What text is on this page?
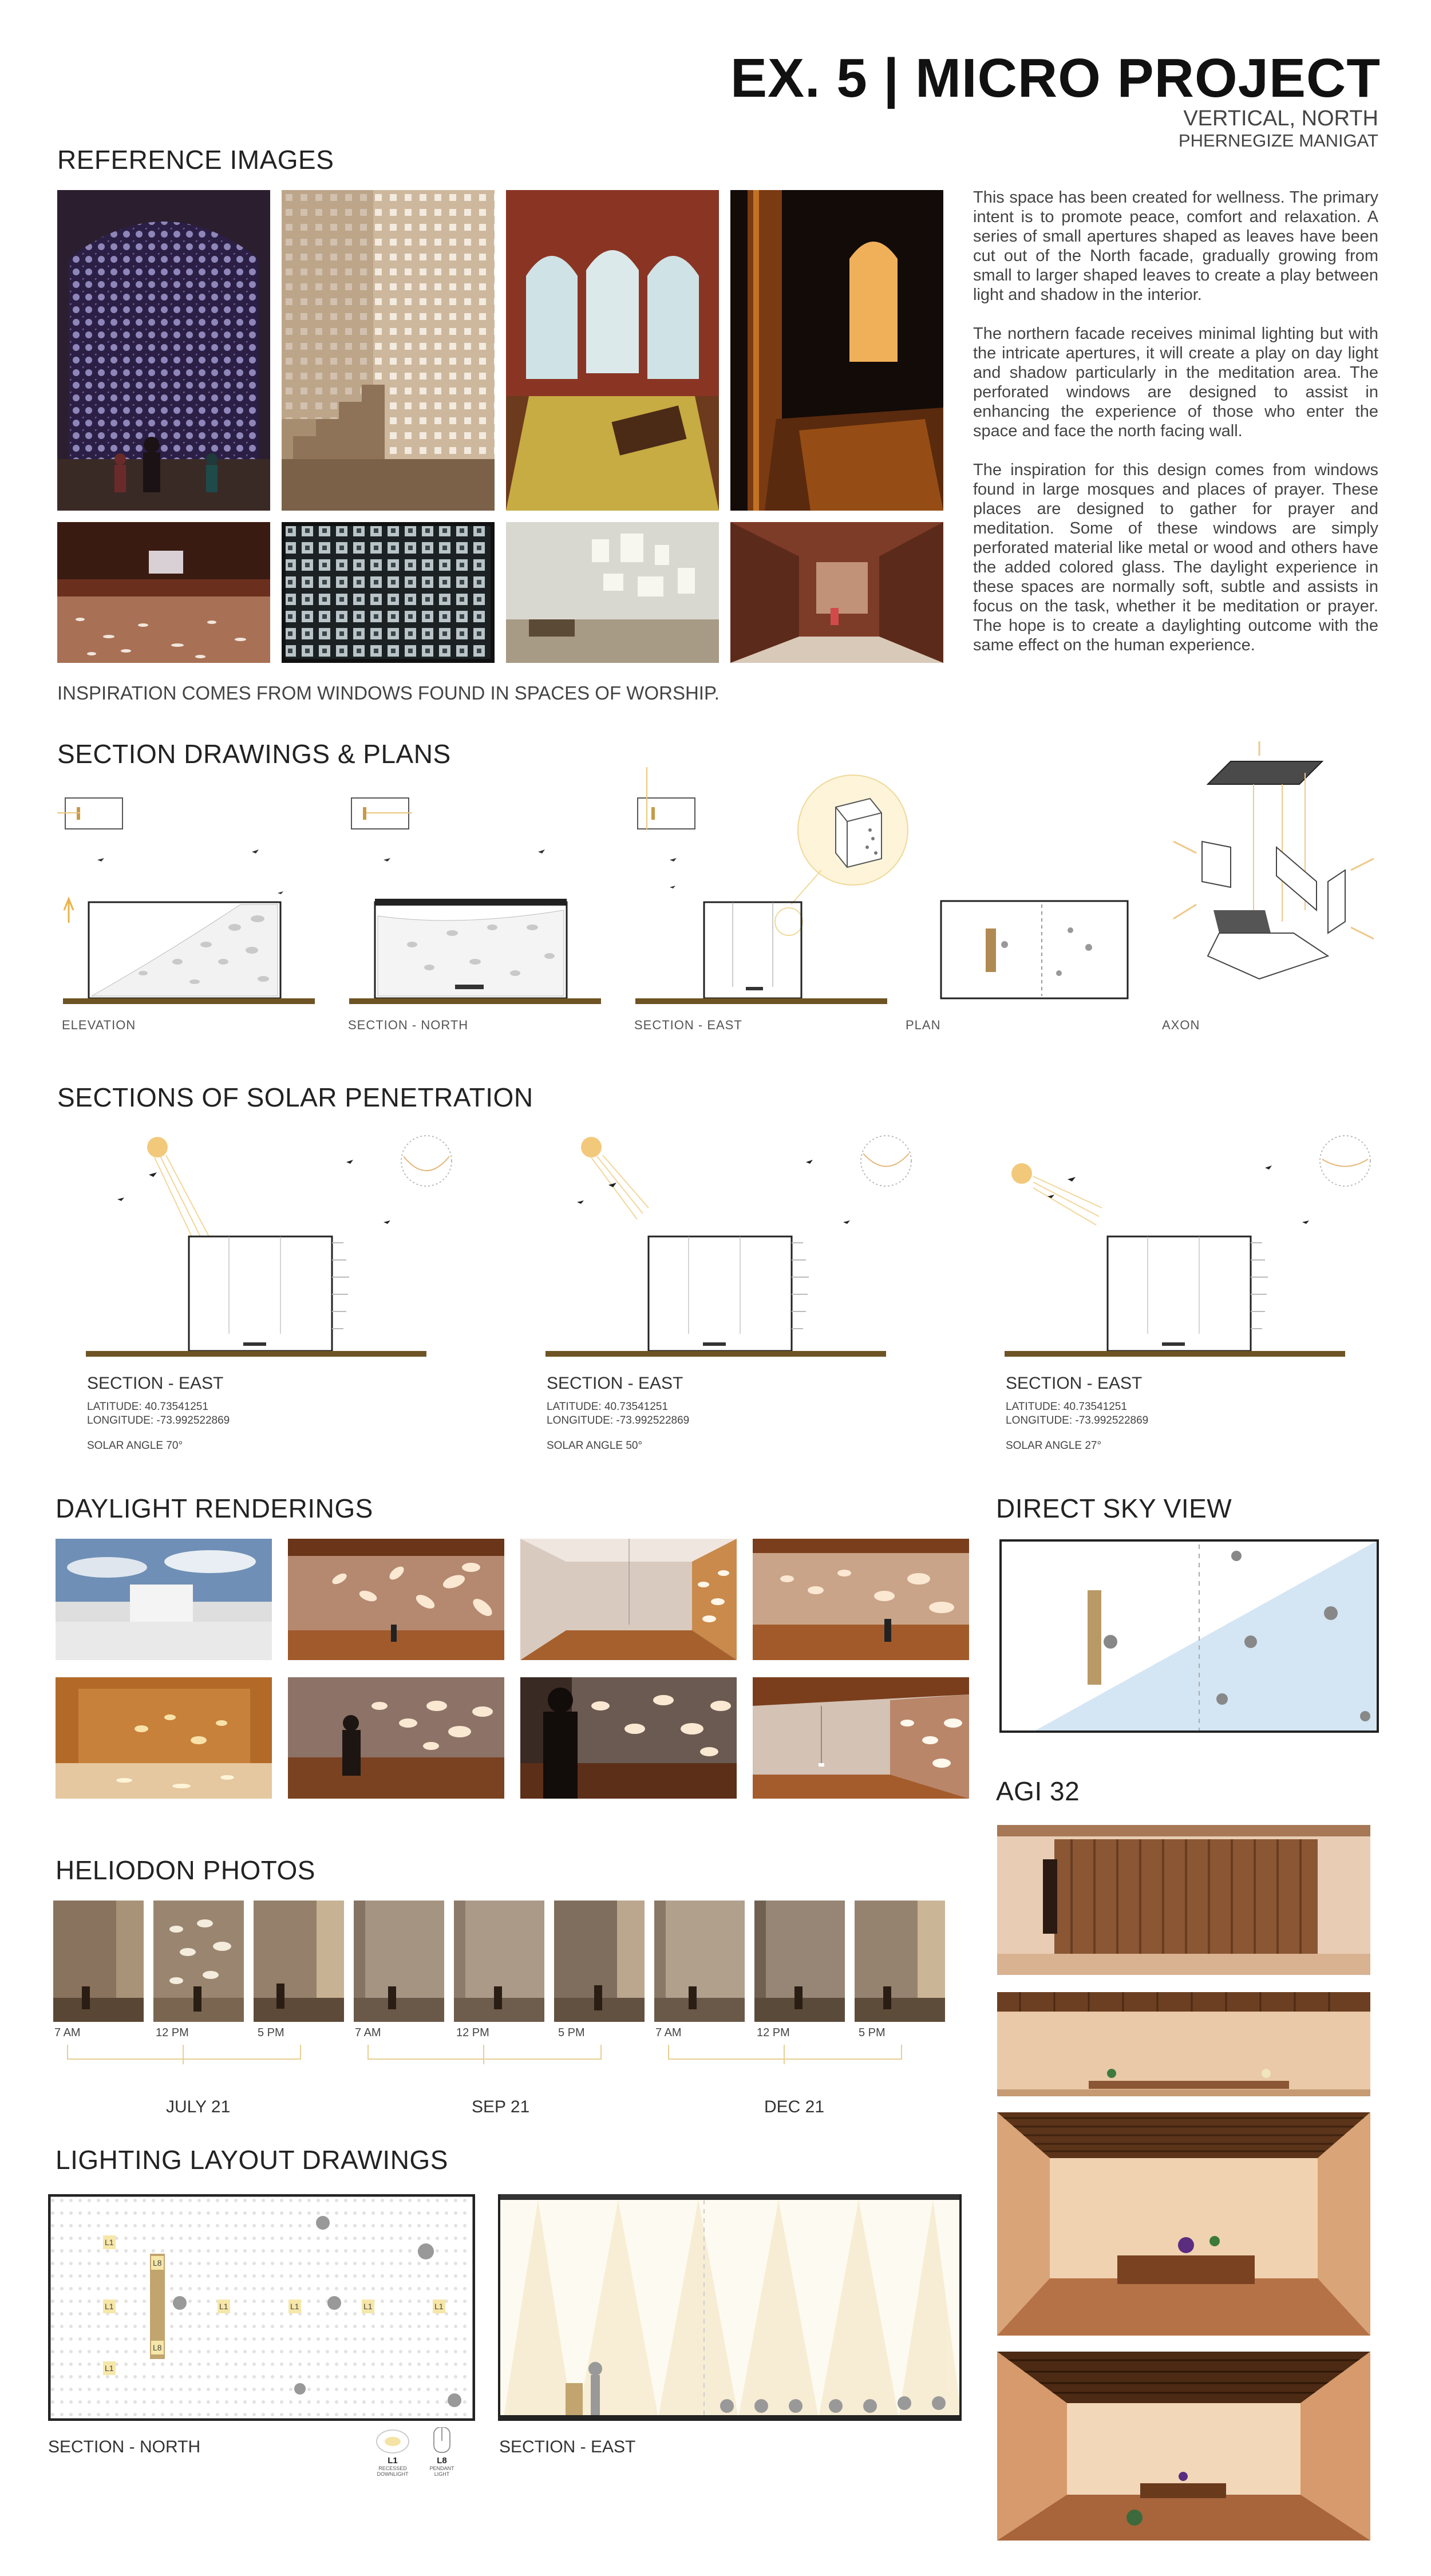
EX. 5 | MICRO PROJECT
VERTICAL, NORTH
PHERNEGIZE MANIGAT
REFERENCE IMAGES
INSPIRATION COMES FROM WINDOWS FOUND IN SPACES OF WORSHIP.

This space has been created for wellness. The primary intent is to promote peace, comfort and relaxation. A series of small apertures shaped as leaves have been cut out of the North facade, gradually growing from small to larger shaped leaves to create a play between light and shadow in the interior.

The northern facade receives minimal lighting but with the intricate apertures, it will create a play on day light and shadow particularly in the meditation area. The perforated windows are designed to assist in enhancing the experience of those who enter the space and face the north facing wall.

The inspiration for this design comes from windows found in large mosques and places of prayer. These places are designed to gather for prayer and meditation. Some of these windows are simply perforated material like metal or wood and others have the added colored glass. The daylight experience in these spaces are normally soft, subtle and assists in focus on the task, whether it be meditation or prayer. The hope is to create a daylighting outcome with the same effect on the human experience.

SECTION DRAWINGS & PLANS
ELEVATION	SECTION - NORTH	SECTION - EAST	PLAN	AXON
SECTIONS OF SOLAR PENETRATION
SECTION - EAST
LATITUDE: 40.73541251
LONGITUDE: -73.992522869
SOLAR ANGLE 70°
SECTION - EAST
LATITUDE: 40.73541251
LONGITUDE: -73.992522869
SOLAR ANGLE 50°
SECTION - EAST
LATITUDE: 40.73541251
LONGITUDE: -73.992522869
SOLAR ANGLE 27°
DAYLIGHT RENDERINGS	DIRECT SKY VIEW
AGI 32
HELIODON PHOTOS
7 AM	12 PM	5 PM	7 AM	12 PM	5 PM	7 AM	12 PM	5 PM
JULY 21	SEP 21	DEC 21
LIGHTING LAYOUT DRAWINGS
L1
L8
L1	L1	L1	L1
L1
L8
L1
SECTION - NORTH
L1
RECESSED DOWNLIGHT
L8
PENDANT LIGHT
SECTION - EAST
